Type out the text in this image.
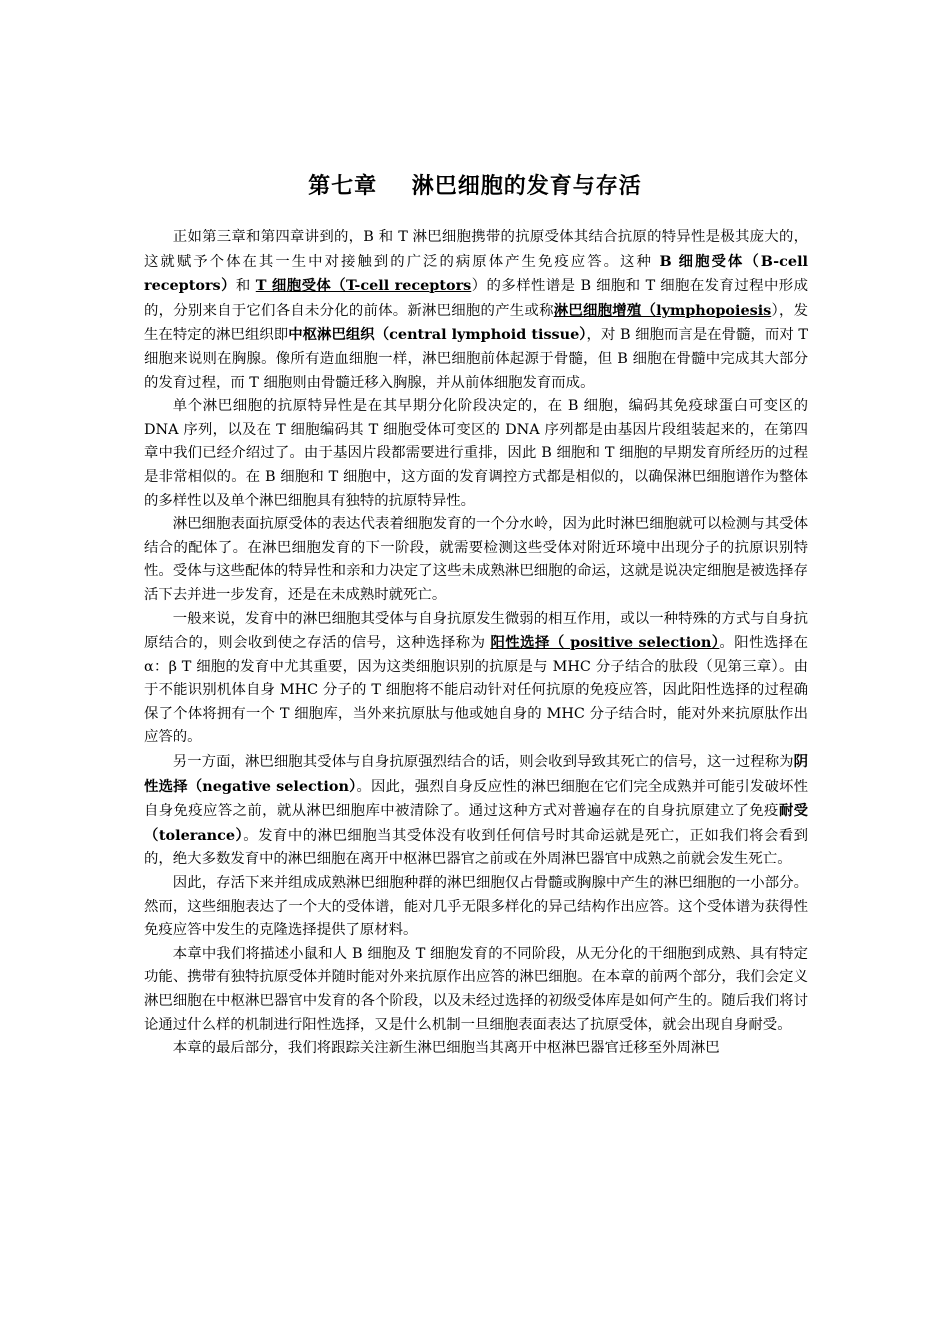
第七章    淋巴细胞的发育与存活

正如第三章和第四章讲到的，B 和 T 淋巴细胞携带的抗原受体其结合抗原的特异性是极其庞大的，这就赋予个体在其一生中对接触到的广泛的病原体产生免疫应答。这种 B 细胞受体（B-cell receptors）和 T 细胞受体（T-cell receptors）的多样性谱是 B 细胞和 T 细胞在发育过程中形成的，分别来自于它们各自未分化的前体。新淋巴细胞的产生或称淋巴细胞增殖（lymphopoiesis），发生在特定的淋巴组织即中枢淋巴组织（central lymphoid tissue），对 B 细胞而言是在骨髓，而对 T 细胞来说则在胸腺。像所有造血细胞一样，淋巴细胞前体起源于骨髓，但 B 细胞在骨髓中完成其大部分的发育过程，而 T 细胞则由骨髓迁移入胸腺，并从前体细胞发育而成。

单个淋巴细胞的抗原特异性是在其早期分化阶段决定的，在 B 细胞，编码其免疫球蛋白可变区的 DNA 序列，以及在 T 细胞编码其 T 细胞受体可变区的 DNA 序列都是由基因片段组装起来的，在第四章中我们已经介绍过了。由于基因片段都需要进行重排，因此 B 细胞和 T 细胞的早期发育所经历的过程是非常相似的。在 B 细胞和 T 细胞中，这方面的发育调控方式都是相似的，以确保淋巴细胞谱作为整体的多样性以及单个淋巴细胞具有独特的抗原特异性。

淋巴细胞表面抗原受体的表达代表着细胞发育的一个分水岭，因为此时淋巴细胞就可以检测与其受体结合的配体了。在淋巴细胞发育的下一阶段，就需要检测这些受体对附近环境中出现分子的抗原识别特性。受体与这些配体的特异性和亲和力决定了这些未成熟淋巴细胞的命运，这就是说决定细胞是被选择存活下去并进一步发育，还是在未成熟时就死亡。

一般来说，发育中的淋巴细胞其受体与自身抗原发生微弱的相互作用，或以一种特殊的方式与自身抗原结合的，则会收到使之存活的信号，这种选择称为 阳性选择（ positive selection）。阳性选择在 α：β T 细胞的发育中尤其重要，因为这类细胞识别的抗原是与 MHC 分子结合的肽段（见第三章）。由于不能识别机体自身 MHC 分子的 T 细胞将不能启动针对任何抗原的免疫应答，因此阳性选择的过程确保了个体将拥有一个 T 细胞库，当外来抗原肽与他或她自身的 MHC 分子结合时，能对外来抗原肽作出应答的。

另一方面，淋巴细胞其受体与自身抗原强烈结合的话，则会收到导致其死亡的信号，这一过程称为阴性选择（negative selection）。因此，强烈自身反应性的淋巴细胞在它们完全成熟并可能引发破坏性自身免疫应答之前，就从淋巴细胞库中被清除了。通过这种方式对普遍存在的自身抗原建立了免疫耐受（tolerance）。发育中的淋巴细胞当其受体没有收到任何信号时其命运就是死亡，正如我们将会看到的，绝大多数发育中的淋巴细胞在离开中枢淋巴器官之前或在外周淋巴器官中成熟之前就会发生死亡。

因此，存活下来并组成成熟淋巴细胞种群的淋巴细胞仅占骨髓或胸腺中产生的淋巴细胞的一小部分。然而，这些细胞表达了一个大的受体谱，能对几乎无限多样化的异己结构作出应答。这个受体谱为获得性免疫应答中发生的克隆选择提供了原材料。

本章中我们将描述小鼠和人 B 细胞及 T 细胞发育的不同阶段，从无分化的干细胞到成熟、具有特定功能、携带有独特抗原受体并随时能对外来抗原作出应答的淋巴细胞。在本章的前两个部分，我们会定义淋巴细胞在中枢淋巴器官中发育的各个阶段，以及未经过选择的初级受体库是如何产生的。随后我们将讨论通过什么样的机制进行阳性选择，又是什么机制一旦细胞表面表达了抗原受体，就会出现自身耐受。

本章的最后部分，我们将跟踪关注新生淋巴细胞当其离开中枢淋巴器官迁移至外周淋巴
